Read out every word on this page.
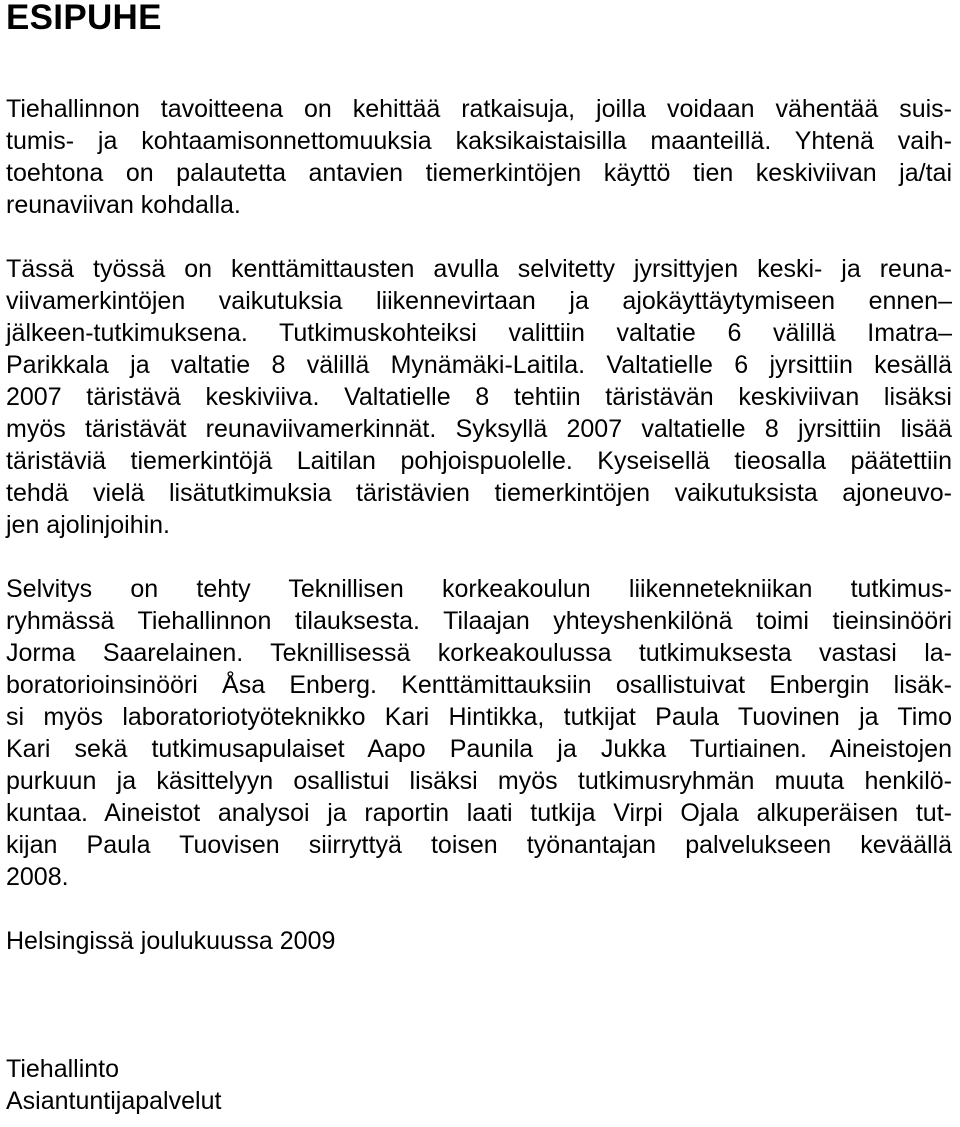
ESIPUHE

Tiehallinnon tavoitteena on kehittää ratkaisuja, joilla voidaan vähentää suis-

tumis- ja kohtaamisonnettomuuksia kaksikaistaisilla maanteillä. Yhtenä vaih-

toehtona on palautetta antavien tiemerkintöjen käyttö tien keskiviivan ja/tai

reunaviivan kohdalla.

Tässä työssä on kenttämittausten avulla selvitetty jyrsittyjen keski- ja reuna-

viivamerkintöjen vaikutuksia liikennevirtaan ja ajokäyttäytymiseen ennen–

jälkeen-tutkimuksena. Tutkimuskohteiksi valittiin valtatie 6 välillä Imatra–

Parikkala ja valtatie 8 välillä Mynämäki-Laitila. Valtatielle 6 jyrsittiin kesällä

2007 täristävä keskiviiva. Valtatielle 8 tehtiin täristävän keskiviivan lisäksi

myös täristävät reunaviivamerkinnät. Syksyllä 2007 valtatielle 8 jyrsittiin lisää

täristäviä tiemerkintöjä Laitilan pohjoispuolelle. Kyseisellä tieosalla päätettiin

tehdä vielä lisätutkimuksia täristävien tiemerkintöjen vaikutuksista ajoneuvo-

jen ajolinjoihin.

Selvitys on tehty Teknillisen korkeakoulun liikennetekniikan tutkimus-

ryhmässä Tiehallinnon tilauksesta. Tilaajan yhteyshenkilönä toimi tieinsinööri

Jorma Saarelainen. Teknillisessä korkeakoulussa tutkimuksesta vastasi la-

boratorioinsinööri Åsa Enberg. Kenttämittauksiin osallistuivat Enbergin lisäk-

si myös laboratoriotyöteknikko Kari Hintikka, tutkijat Paula Tuovinen ja Timo

Kari sekä tutkimusapulaiset Aapo Paunila ja Jukka Turtiainen. Aineistojen

purkuun ja käsittelyyn osallistui lisäksi myös tutkimusryhmän muuta henkilö-

kuntaa. Aineistot analysoi ja raportin laati tutkija Virpi Ojala alkuperäisen tut-

kijan Paula Tuovisen siirryttyä toisen työnantajan palvelukseen keväällä

2008.

Helsingissä joulukuussa 2009

Tiehallinto

Asiantuntijapalvelut
